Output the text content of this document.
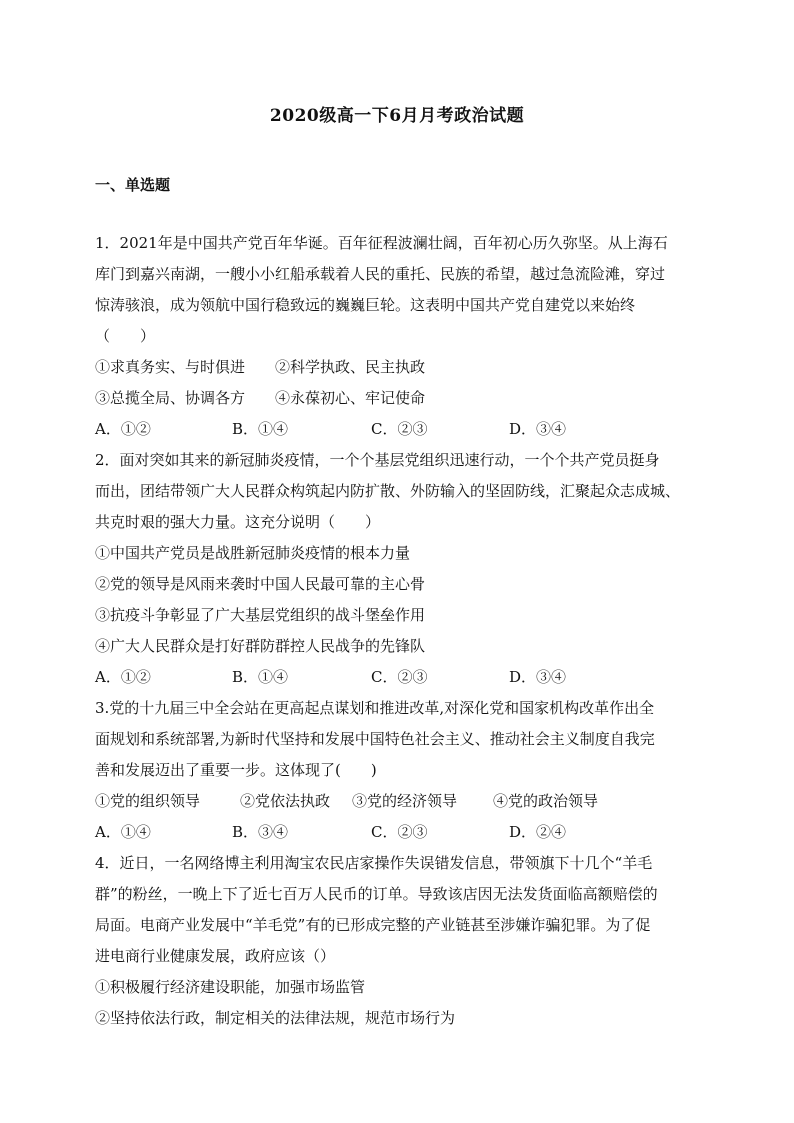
2020级高一下6月月考政治试题
一、单选题
1．2021年是中国共产党百年华诞。百年征程波澜壮阔，百年初心历久弥坚。从上海石
库门到嘉兴南湖，一艘小小红船承载着人民的重托、民族的希望，越过急流险滩，穿过
惊涛骇浪，成为领航中国行稳致远的巍巍巨轮。这表明中国共产党自建党以来始终
（　　）
①求真务实、与时俱进　　②科学执政、民主执政
③总揽全局、协调各方　　④永葆初心、牢记使命
A．①②	B．①④	C．②③	D．③④
2．面对突如其来的新冠肺炎疫情，一个个基层党组织迅速行动，一个个共产党员挺身
而出，团结带领广大人民群众构筑起内防扩散、外防输入的坚固防线，汇聚起众志成城、
共克时艰的强大力量。这充分说明（　　）
①中国共产党员是战胜新冠肺炎疫情的根本力量
②党的领导是风雨来袭时中国人民最可靠的主心骨
③抗疫斗争彰显了广大基层党组织的战斗堡垒作用
④广大人民群众是打好群防群控人民战争的先锋队
A．①②	B．①④	C．②③	D．③④
3.党的十九届三中全会站在更高起点谋划和推进改革,对深化党和国家机构改革作出全
面规划和系统部署,为新时代坚持和发展中国特色社会主义、推动社会主义制度自我完
善和发展迈出了重要一步。这体现了(　　)
①党的组织领导	②党依法执政 ③党的经济领导 ④党的政治领导
A．①④	B．③④	C．②③	D．②④
4．近日，一名网络博主利用淘宝农民店家操作失误错发信息，带领旗下十几个“羊毛
群”的粉丝，一晚上下了近七百万人民币的订单。导致该店因无法发货面临高额赔偿的
局面。电商产业发展中“羊毛党”有的已形成完整的产业链甚至涉嫌诈骗犯罪。为了促
进电商行业健康发展，政府应该（）
①积极履行经济建设职能，加强市场监管
②坚持依法行政，制定相关的法律法规，规范市场行为
